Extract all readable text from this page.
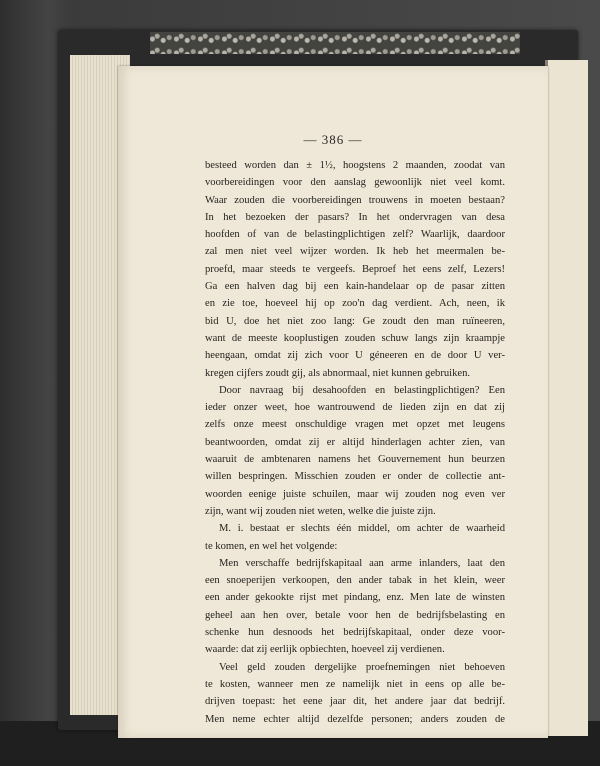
— 386 —
besteed worden dan ± 1½, hoogstens 2 maanden, zoodat van
voorbereidingen voor den aanslag gewoonlijk niet veel komt.
Waar zouden die voorbereidingen trouwens in moeten bestaan?
In het bezoeken der pasars? In het ondervragen van desa
hoofden of van de belastingplichtigen zelf? Waarlijk, daardoor
zal men niet veel wijzer worden. Ik heb het meermalen be-
proefd, maar steeds te vergeefs. Beproef het eens zelf, Lezers!
Ga een halven dag bij een kain-handelaar op de pasar zitten
en zie toe, hoeveel hij op zoo'n dag verdient. Ach, neen, ik
bid U, doe het niet zoo lang: Ge zoudt den man ruïneeren,
want de meeste kooplustigen zouden schuw langs zijn kraampje
heengaan, omdat zij zich voor U géneeren en de door U ver-
kregen cijfers zoudt gij, als abnormaal, niet kunnen gebruiken.
Door navraag bij desahoofden en belastingplichtigen? Een
ieder onzer weet, hoe wantrouwend de lieden zijn en dat zij
zelfs onze meest onschuldige vragen met opzet met leugens
beantwoorden, omdat zij er altijd hinderlagen achter zien, van
waaruit de ambtenaren namens het Gouvernement hun beurzen
willen bespringen. Misschien zouden er onder de collectie ant-
woorden eenige juiste schuilen, maar wij zouden nog even ver
zijn, want wij zouden niet weten, welke die juiste zijn.
M. i. bestaat er slechts één middel, om achter de waarheid
te komen, en wel het volgende:
Men verschaffe bedrijfskapitaal aan arme inlanders, laat den
een snoeperijen verkoopen, den ander tabak in het klein, weer
een ander gekookte rijst met pindang, enz. Men late de winsten
geheel aan hen over, betale voor hen de bedrijfsbelasting en
schenke hun desnoods het bedrijfskapitaal, onder deze voor-
waarde: dat zij eerlijk opbiechten, hoeveel zij verdienen.
Veel geld zouden dergelijke proefnemingen niet behoeven
te kosten, wanneer men ze namelijk niet in eens op alle be-
drijven toepast: het eene jaar dit, het andere jaar dat bedrijf.
Men neme echter altijd dezelfde personen; anders zouden de
